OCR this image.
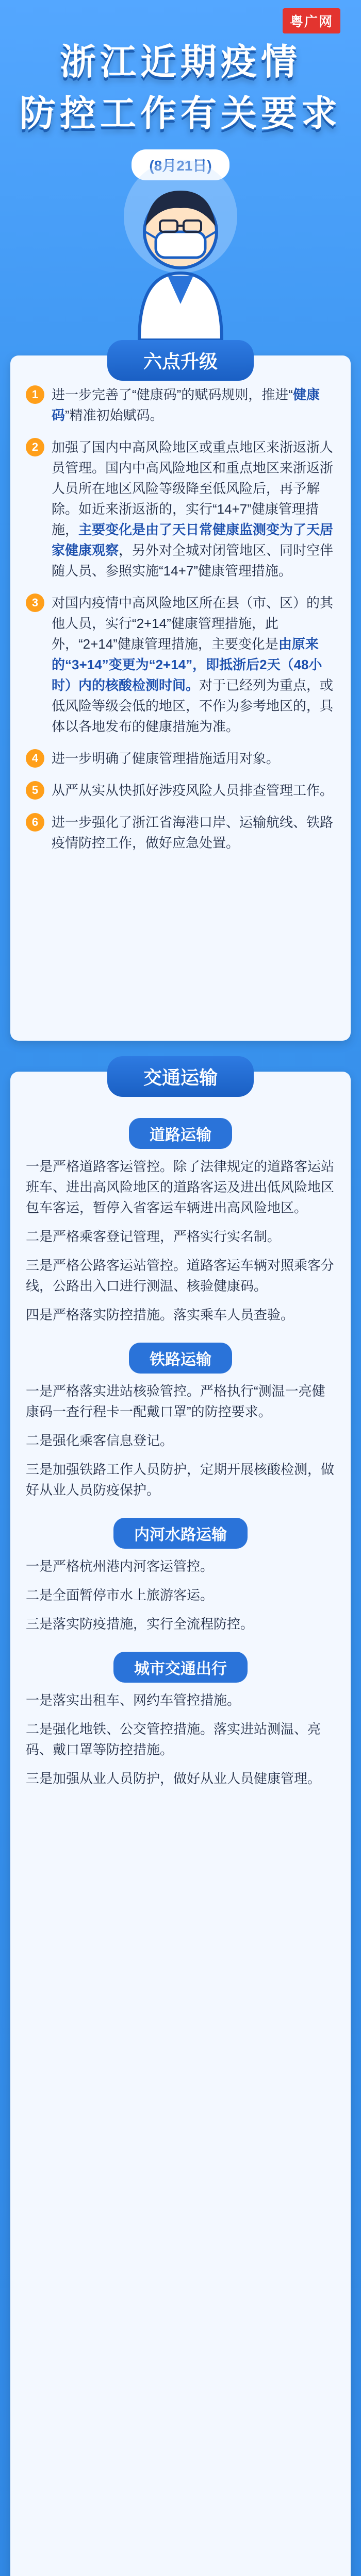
粤广网
浙江近期疫情
防控工作有关要求
(8月21日)
六点升级
1 进一步完善了“健康码”的赋码规则，推进“健康码”精准初始赋码。
2 加强了国内中高风险地区或重点地区来浙返浙人员管理。国内中高风险地区和重点地区来浙返浙人员所在地区风险等级降至低风险后，再予解除。如近来浙返浙的，实行“14+7”健康管理措施，主要变化是由了天日常健康监测变为了天居家健康观察，另外对全城对闭管地区、同时空伴随人员、参照实施“14+7”健康管理措施。
3 对国内疫情中高风险地区所在县（市、区）的其他人员，实行“2+14”健康管理措施，此外，“2+14”健康管理措施，主要变化是由原来的“3+14”变更为“2+14”，即抵浙后2天（48小时）内的核酸检测时间。对于已经列为重点，或低风险等级会低的地区，不作为参考地区的，具体以各地发布的健康措施为准。
4 进一步明确了健康管理措施适用对象。
5 从严从实从快抓好涉疫风险人员排查管理工作。
6 进一步强化了浙江省海港口岸、运输航线、铁路疫情防控工作，做好应急处置。
交通运输
道路运输

一是严格道路客运管控。除了法律规定的道路客运站班车、进出高风险地区的道路客运及进出低风险地区包车客运，暂停入省客运车辆进出高风险地区。

二是严格乘客登记管理，严格实行实名制。

三是严格公路客运站管控。道路客运车辆对照乘客分线，公路出入口进行测温、核验健康码。

四是严格落实防控措施。落实乘车人员查验。

铁路运输

一是严格落实进站核验管控。严格执行“测温一亮健康码一查行程卡一配戴口罩”的防控要求。

二是强化乘客信息登记。

三是加强铁路工作人员防护，定期开展核酸检测，做好从业人员防疫保护。

内河水路运输

一是严格杭州港内河客运管控。

二是全面暂停市水上旅游客运。

三是落实防疫措施，实行全流程防控。

城市交通出行

一是落实出租车、网约车管控措施。

二是强化地铁、公交管控措施。落实进站测温、亮码、戴口罩等防控措施。

三是加强从业人员防护，做好从业人员健康管理。
